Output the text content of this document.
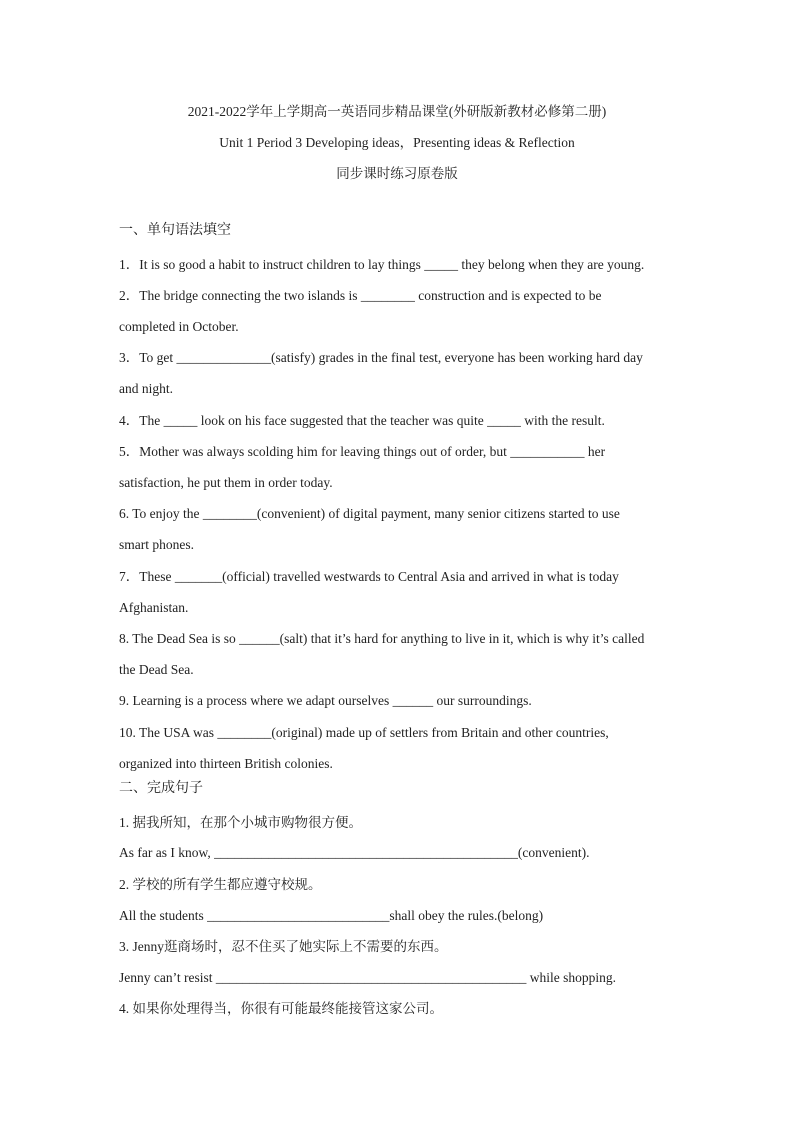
2021-2022学年上学期高一英语同步精品课堂(外研版新教材必修第二册)
Unit 1 Period 3 Developing ideas，Presenting ideas & Reflection
同步课时练习原卷版
一、单句语法填空
1．It is so good a habit to instruct children to lay things _____ they belong when they are young.
2．The bridge connecting the two islands is ________ construction and is expected to be
completed in October.
3．To get ______________(satisfy) grades in the final test, everyone has been working hard day
and night.
4．The _____ look on his face suggested that the teacher was quite _____ with the result.
5．Mother was always scolding him for leaving things out of order, but ___________ her
satisfaction, he put them in order today.
6. To enjoy the ________(convenient) of digital payment, many senior citizens started to use
smart phones.
7．These _______(official) travelled westwards to Central Asia and arrived in what is today
Afghanistan.
8. The Dead Sea is so ______(salt) that it’s hard for anything to live in it, which is why it’s called
the Dead Sea.
9. Learning is a process where we adapt ourselves ______ our surroundings.
10. The USA was ________(original) made up of settlers from Britain and other countries,
organized into thirteen British colonies.
二、完成句子
1. 据我所知，在那个小城市购物很方便。
As far as I know, _____________________________________________(convenient).
2. 学校的所有学生都应遵守校规。
All the students ___________________________shall obey the rules.(belong)
3. Jenny逛商场时，忍不住买了她实际上不需要的东西。
Jenny can’t resist ______________________________________________ while shopping.
4. 如果你处理得当，你很有可能最终能接管这家公司。
